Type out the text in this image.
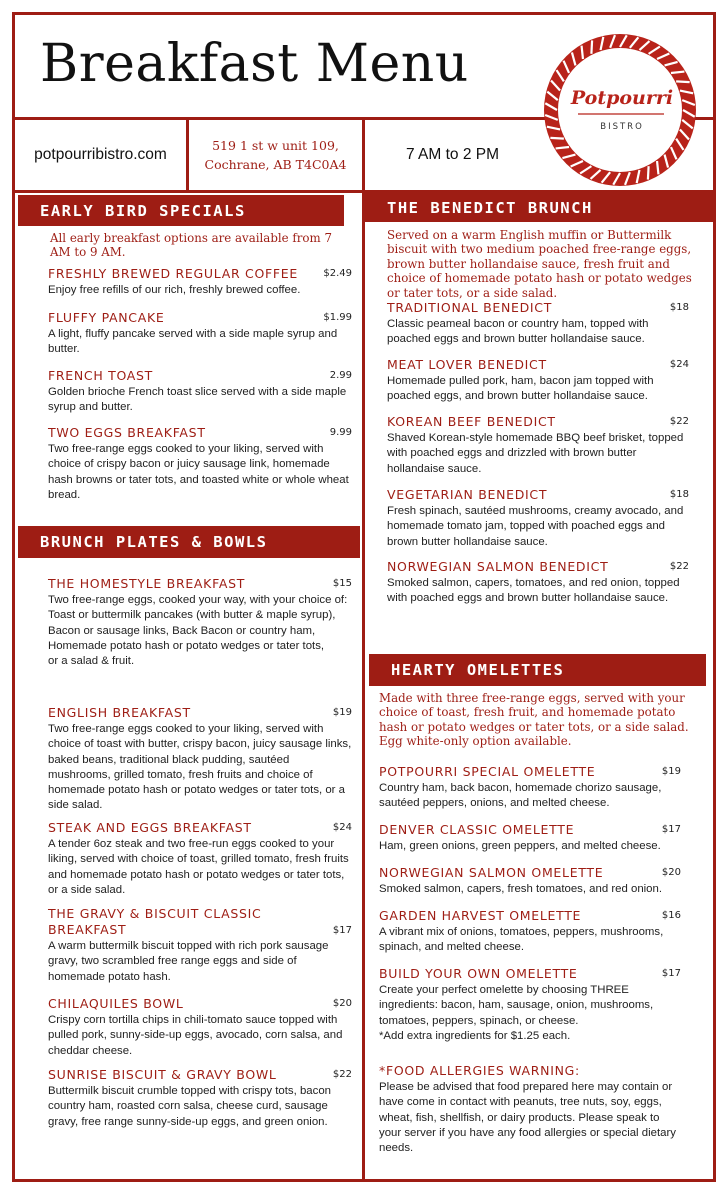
Breakfast Menu
Potpourri
BISTRO
potpourribistro.com
519 1 st w unit 109,
Cochrane, AB T4C0A4
7 AM to 2 PM
EARLY BIRD SPECIALS
All early breakfast options are available from 7 AM to 9 AM.
FRESHLY BREWED REGULAR COFFEE	$2.49
Enjoy free refills of our rich, freshly brewed coffee.
FLUFFY PANCAKE	$1.99
A light, fluffy pancake served with a side maple syrup and butter.
FRENCH TOAST	2.99
Golden brioche French toast slice served with a side maple syrup and butter.
TWO EGGS BREAKFAST	9.99
Two free-range eggs cooked to your liking, served with choice of crispy bacon or juicy sausage link, homemade hash browns or tater tots, and toasted white or whole wheat bread.
BRUNCH PLATES & BOWLS
THE HOMESTYLE BREAKFAST	$15
Two free-range eggs, cooked your way, with your choice of:
Toast or buttermilk pancakes (with butter & maple syrup),
Bacon or sausage links, Back Bacon or country ham,
Homemade potato hash or potato wedges or tater tots,
or a salad & fruit.
ENGLISH BREAKFAST	$19
Two free-range eggs cooked to your liking, served with choice of toast with butter, crispy bacon, juicy sausage links, baked beans, traditional black pudding, sautéed mushrooms, grilled tomato, fresh fruits and choice of homemade potato hash or potato wedges or tater tots, or a side salad.
STEAK AND EGGS BREAKFAST	$24
A tender 6oz steak and two free-run eggs cooked to your liking, served with choice of toast, grilled tomato, fresh fruits and homemade potato hash or potato wedges or tater tots, or a side salad.
THE GRAVY & BISCUIT CLASSIC BREAKFAST	$17
A warm buttermilk biscuit topped with rich pork sausage gravy, two scrambled free range eggs and side of homemade potato hash.
CHILAQUILES BOWL	$20
Crispy corn tortilla chips in chili-tomato sauce topped with pulled pork, sunny-side-up eggs, avocado, corn salsa, and cheddar cheese.
SUNRISE BISCUIT & GRAVY BOWL	$22
Buttermilk biscuit crumble topped with crispy tots, bacon country ham, roasted corn salsa, cheese curd, sausage gravy, free range sunny-side-up eggs, and green onion.
THE BENEDICT BRUNCH
Served on a warm English muffin or Buttermilk biscuit with two medium poached free-range eggs, brown butter hollandaise sauce, fresh fruit and choice of homemade potato hash or potato wedges or tater tots, or a side salad.
TRADITIONAL BENEDICT	$18
Classic peameal bacon or country ham, topped with poached eggs and brown butter hollandaise sauce.
MEAT LOVER BENEDICT	$24
Homemade pulled pork, ham, bacon jam topped with poached eggs, and brown butter hollandaise sauce.
KOREAN BEEF BENEDICT	$22
Shaved Korean-style homemade BBQ beef brisket, topped with poached eggs and drizzled with brown butter hollandaise sauce.
VEGETARIAN BENEDICT	$18
Fresh spinach, sautéed mushrooms, creamy avocado, and homemade tomato jam, topped with poached eggs and brown butter hollandaise sauce.
NORWEGIAN SALMON BENEDICT	$22
Smoked salmon, capers, tomatoes, and red onion, topped with poached eggs and brown butter hollandaise sauce.
HEARTY OMELETTES
Made with three free-range eggs, served with your choice of toast, fresh fruit, and homemade potato hash or potato wedges or tater tots, or a side salad. Egg white-only option available.
POTPOURRI SPECIAL OMELETTE	$19
Country ham, back bacon, homemade chorizo sausage, sautéed peppers, onions, and melted cheese.
DENVER CLASSIC OMELETTE	$17
Ham, green onions, green peppers, and melted cheese.
NORWEGIAN SALMON OMELETTE	$20
Smoked salmon, capers, fresh tomatoes, and red onion.
GARDEN HARVEST OMELETTE	$16
A vibrant mix of onions, tomatoes, peppers, mushrooms, spinach, and melted cheese.
BUILD YOUR OWN OMELETTE	$17
Create your perfect omelette by choosing THREE ingredients: bacon, ham, sausage, onion, mushrooms, tomatoes, peppers, spinach, or cheese.
*Add extra ingredients for $1.25 each.
*FOOD ALLERGIES WARNING:
Please be advised that food prepared here may contain or have come in contact with peanuts, tree nuts, soy, eggs, wheat, fish, shellfish, or dairy products. Please speak to your server if you have any food allergies or special dietary needs.
